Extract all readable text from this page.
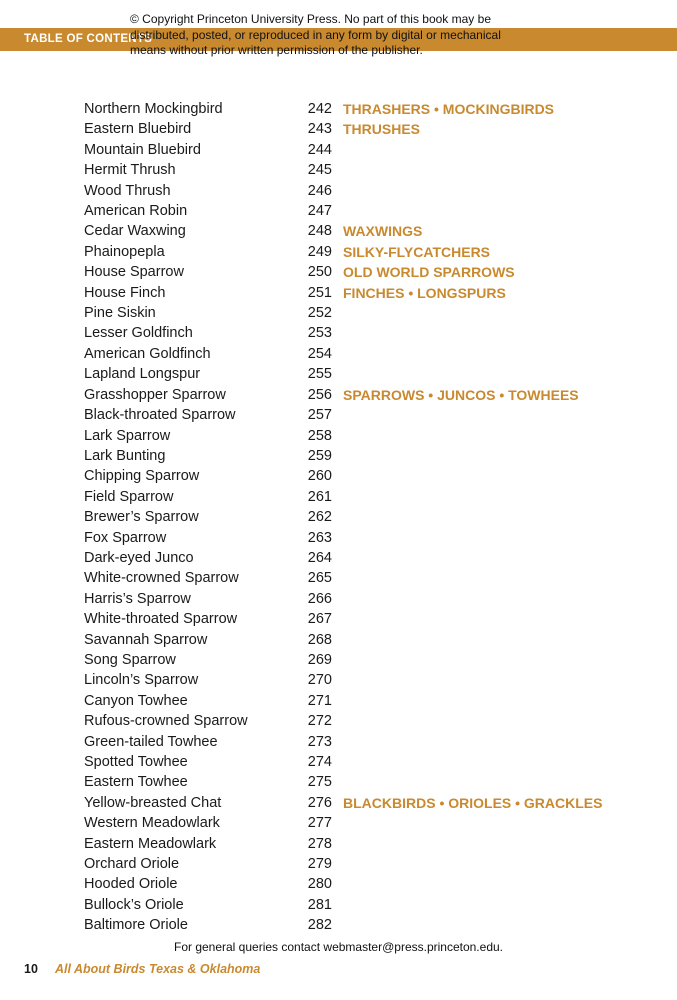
TABLE OF CONTENTS
© Copyright Princeton University Press. No part of this book may be
distributed, posted, or reproduced in any form by digital or mechanical
means without prior written permission of the publisher.
Northern Mockingbird	242 THRASHERS • MOCKINGBIRDS
Eastern Bluebird	243 THRUSHES
Mountain Bluebird	244
Hermit Thrush	245
Wood Thrush	246
American Robin	247
Cedar Waxwing	248 WAXWINGS
Phainopepla	249 SILKY-FLYCATCHERS
House Sparrow	250 OLD WORLD SPARROWS
House Finch	251 FINCHES • LONGSPURS
Pine Siskin	252
Lesser Goldfinch	253
American Goldfinch	254
Lapland Longspur	255
Grasshopper Sparrow	256 SPARROWS • JUNCOS • TOWHEES
Black-throated Sparrow	257
Lark Sparrow	258
Lark Bunting	259
Chipping Sparrow	260
Field Sparrow	261
Brewer’s Sparrow	262
Fox Sparrow	263
Dark-eyed Junco	264
White-crowned Sparrow	265
Harris’s Sparrow	266
White-throated Sparrow	267
Savannah Sparrow	268
Song Sparrow	269
Lincoln’s Sparrow	270
Canyon Towhee	271
Rufous-crowned Sparrow	272
Green-tailed Towhee	273
Spotted Towhee	274
Eastern Towhee	275
Yellow-breasted Chat	276 BLACKBIRDS • ORIOLES • GRACKLES
Western Meadowlark	277
Eastern Meadowlark	278
Orchard Oriole	279
Hooded Oriole	280
Bullock’s Oriole	281
Baltimore Oriole	282
For general queries contact webmaster@press.princeton.edu.
10 All About Birds Texas & Oklahoma
